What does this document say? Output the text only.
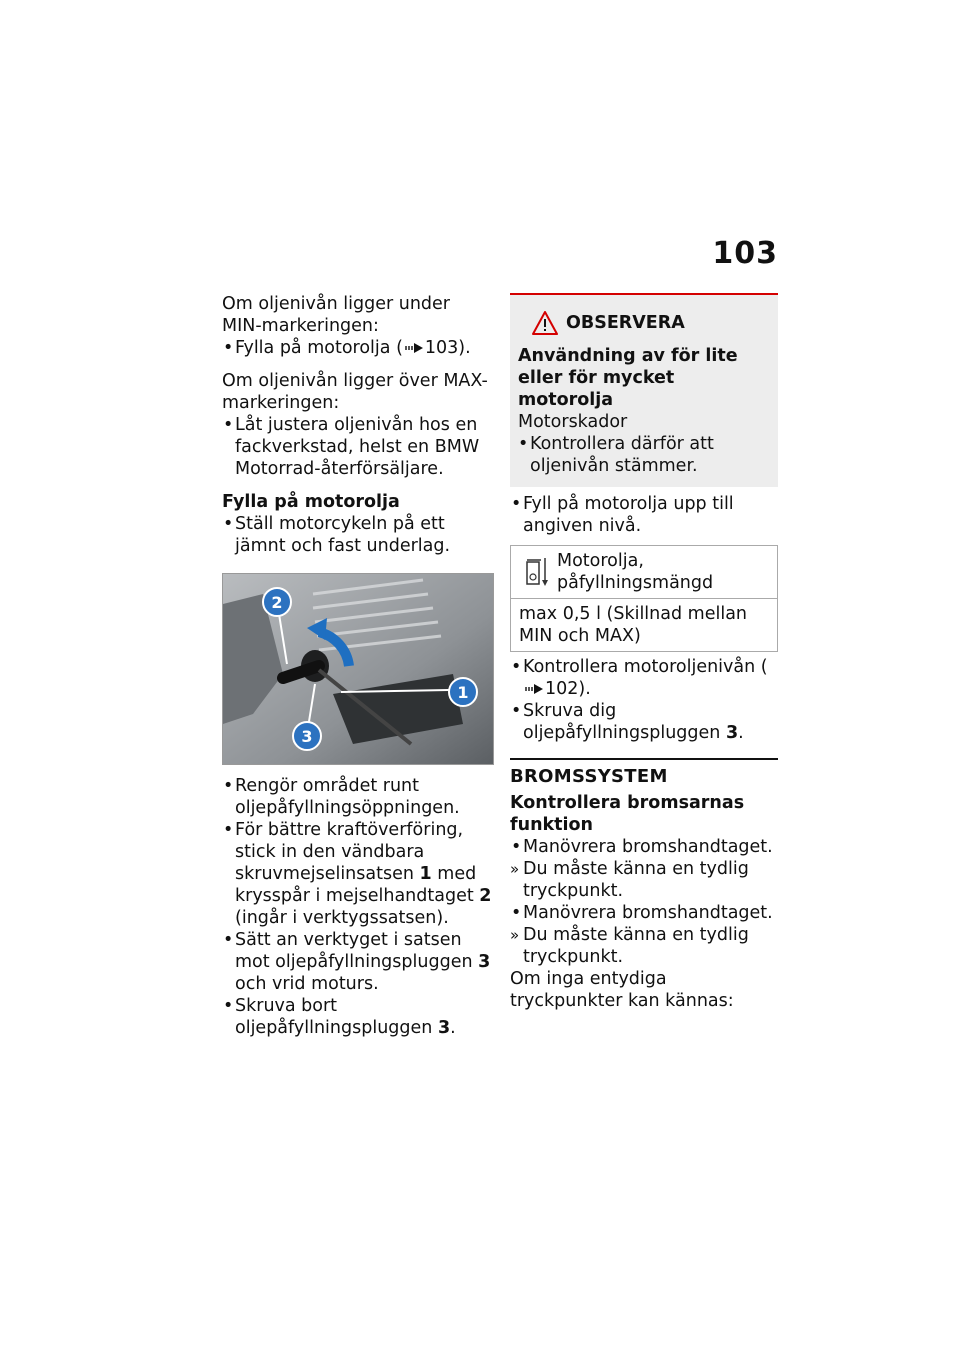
103

Om oljenivån ligger under MIN-markeringen:

• Fylla på motorolja ( 103).

Om oljenivån ligger över MAX-markeringen:

• Låt justera oljenivån hos en fackverkstad, helst en BMW Motorrad-återförsäljare.

Fylla på motorolja

• Ställ motorcykeln på ett jämnt och fast underlag.

1
2
3

• Rengör området runt oljepåfyllningsöppningen.

• För bättre kraftöverföring, stick in den vändbara skruvmejselinsatsen 1 med krysspår i mejselhandtaget 2 (ingår i verktygssatsen).

• Sätt an verktyget i satsen mot oljepåfyllningspluggen 3 och vrid moturs.

• Skruva bort oljepåfyllningspluggen 3.

OBSERVERA

Användning av för lite eller för mycket motorolja

Motorskador

• Kontrollera därför att oljenivån stämmer.

• Fyll på motorolja upp till angiven nivå.

Motorolja, påfyllningsmängd
max 0,5 l (Skillnad mellan MIN och MAX)

• Kontrollera motoroljenivån (102).

• Skruva dig oljepåfyllningspluggen 3.

BROMSSYSTEM

Kontrollera bromsarnas funktion

• Manövrera bromshandtaget.

» Du måste känna en tydlig tryckpunkt.

• Manövrera bromshandtaget.

» Du måste känna en tydlig tryckpunkt.

Om inga entydiga tryckpunkter kan kännas:
